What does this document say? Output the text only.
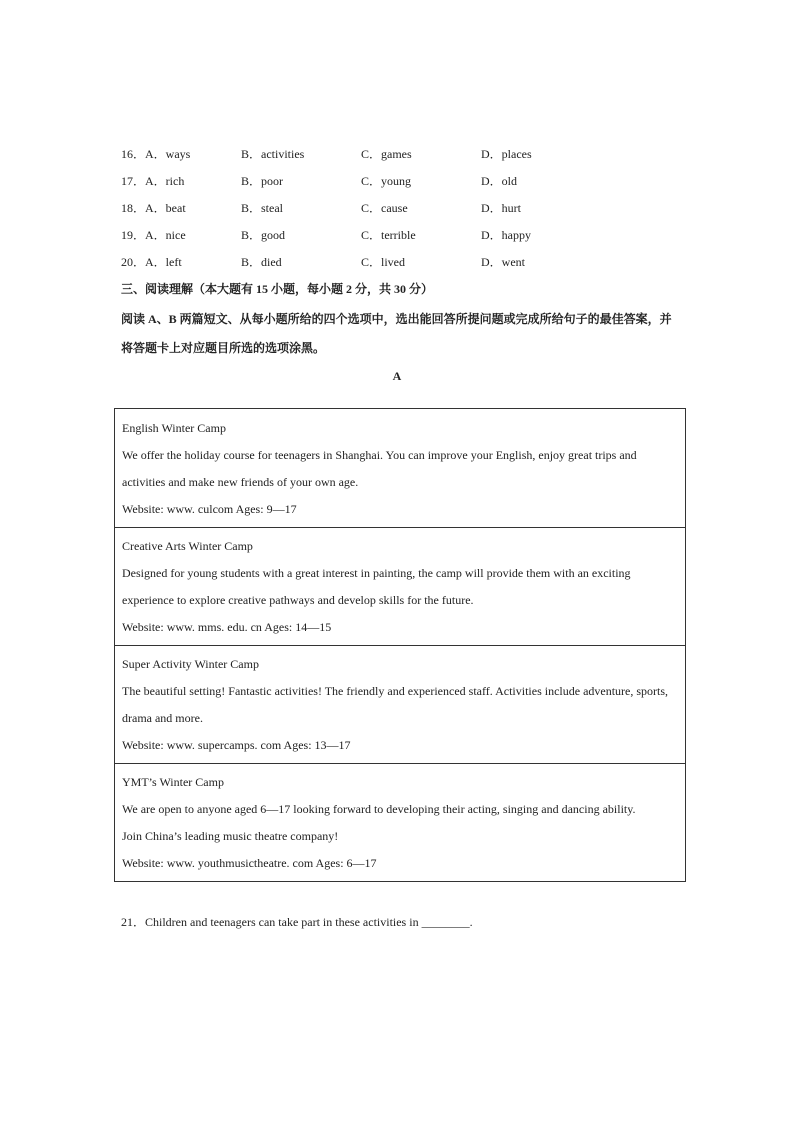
16．A．ways	B．activities	C．games	D．places
17．A．rich	B．poor	C．young	D．old
18．A．beat	B．steal	C．cause	D．hurt
19．A．nice	B．good	C．terrible	D．happy
20．A．left	B．died	C．lived	D．went
三、阅读理解（本大题有 15 小题，每小题 2 分，共 30 分）
阅读 A、B 两篇短文、从每小题所给的四个选项中，选出能回答所提问题或完成所给句子的最佳答案，并
将答题卡上对应题目所选的选项涂黑。
A
English Winter Camp
We offer the holiday course for teenagers in Shanghai. You can improve your English, enjoy great trips and
activities and make new friends of your own age.
Website: www. culcom Ages: 9—17
Creative Arts Winter Camp
Designed for young students with a great interest in painting, the camp will provide them with an exciting
experience to explore creative pathways and develop skills for the future.
Website: www. mms. edu. cn Ages: 14—15
Super Activity Winter Camp
The beautiful setting! Fantastic activities! The friendly and experienced staff. Activities include adventure, sports,
drama and more.
Website: www. supercamps. com Ages: 13—17
YMT’s Winter Camp
We are open to anyone aged 6—17 looking forward to developing their acting, singing and dancing ability.
Join China’s leading music theatre company!
Website: www. youthmusictheatre. com Ages: 6—17
21．Children and teenagers can take part in these activities in ________.
